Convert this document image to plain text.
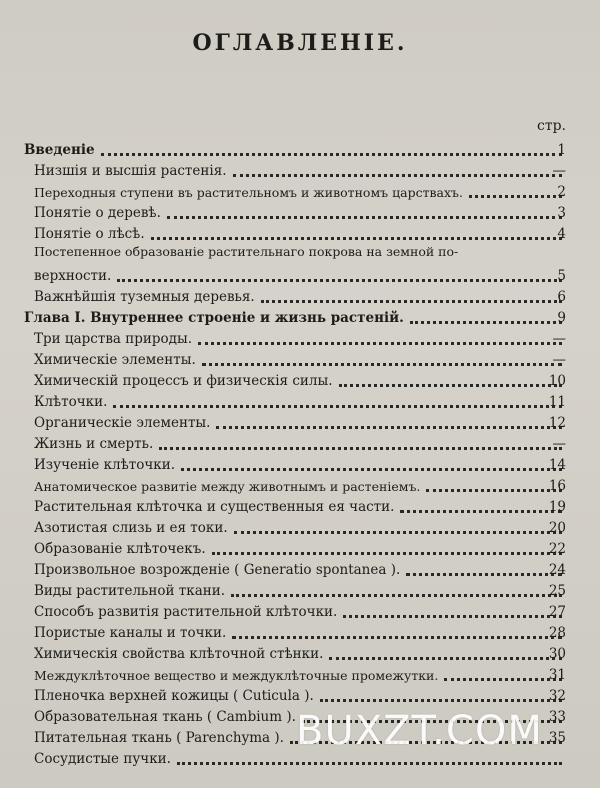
ОГЛАВЛЕНІЕ.
стр.
Введеніе	1
Низшія и высшія растенія.	—
Переходныя ступени въ растительномъ и животномъ царствахъ.	2
Понятіе о деревѣ.	3
Понятіе о лѣсѣ.	4
Постепенное образованіе растительнаго покрова на земной по-
верхности.	5
Важнѣйшія туземныя деревья.	6
Глава I. Внутреннее строеніе и жизнь растеній.	9
Три царства природы.	—
Химическіе элементы.	—
Химическій процессъ и физическія силы.	10
Клѣточки.	11
Органическіе элементы.	12
Жизнь и смерть.	—
Изученіе клѣточки.	14
Анатомическое развитіе между животнымъ и растеніемъ.	16
Растительная клѣточка и существенныя ея части.	19
Азотистая слизь и ея токи.	20
Образованіе клѣточекъ.	22
Произвольное возрожденіе ( Generatio spontanea ).	24
Виды растительной ткани.	25
Способъ развитія растительной клѣточки.	27
Пористые каналы и точки.	28
Химическія свойства клѣточной стѣнки.	30
Междуклѣточное вещество и междуклѣточные промежутки.	31
Пленочка верхней кожицы ( Cuticula ).	32
Образовательная ткань ( Cambium ).	33
Питательная ткань ( Parenchyma ).	35
Сосудистые пучки.
BUXZT.COM
